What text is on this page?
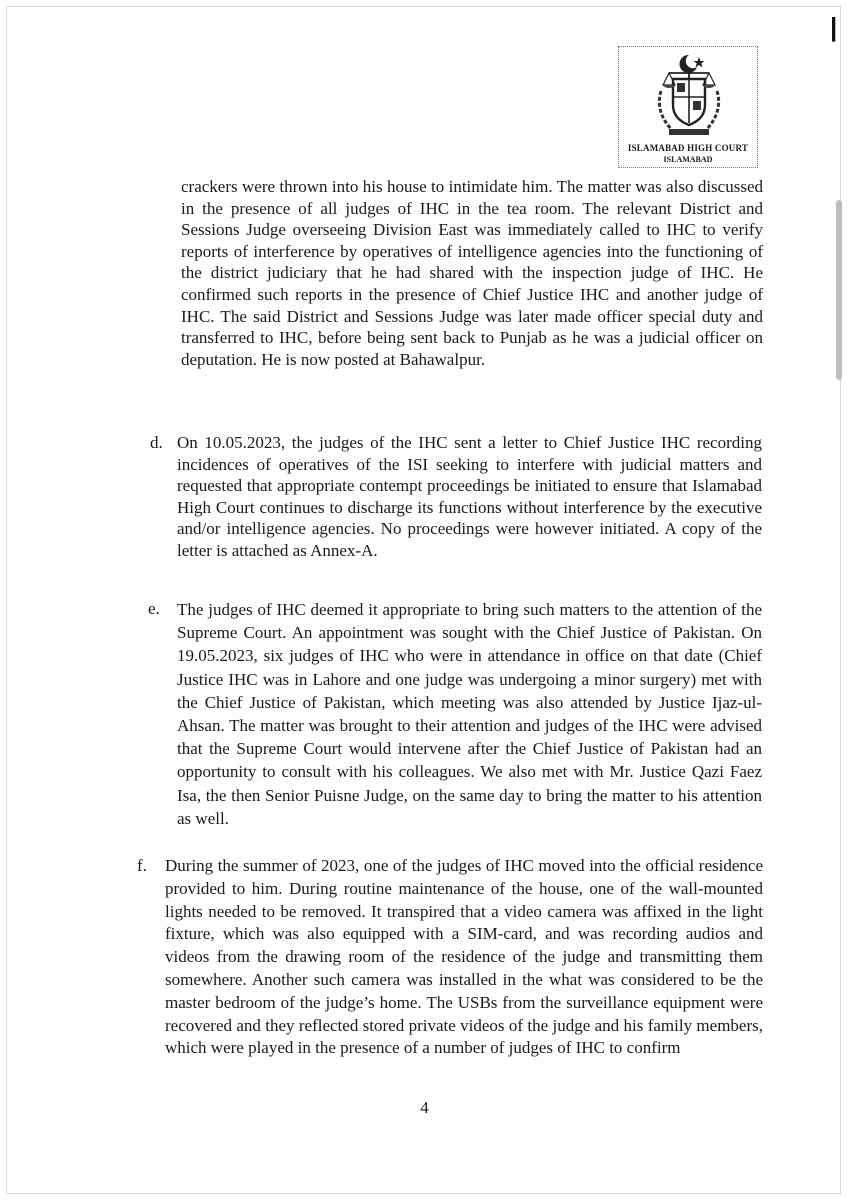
|
ISLAMABAD HIGH COURT
ISLAMABAD

crackers were thrown into his house to intimidate him. The matter was also discussed in the presence of all judges of IHC in the tea room. The relevant District and Sessions Judge overseeing Division East was immediately called to IHC to verify reports of interference by operatives of intelligence agencies into the functioning of the district judiciary that he had shared with the inspection judge of IHC. He confirmed such reports in the presence of Chief Justice IHC and another judge of IHC. The said District and Sessions Judge was later made officer special duty and transferred to IHC, before being sent back to Punjab as he was a judicial officer on deputation. He is now posted at Bahawalpur.

d. On 10.05.2023, the judges of the IHC sent a letter to Chief Justice IHC recording incidences of operatives of the ISI seeking to interfere with judicial matters and requested that appropriate contempt proceedings be initiated to ensure that Islamabad High Court continues to discharge its functions without interference by the executive and/or intelligence agencies. No proceedings were however initiated. A copy of the letter is attached as Annex-A.

e. The judges of IHC deemed it appropriate to bring such matters to the attention of the Supreme Court. An appointment was sought with the Chief Justice of Pakistan. On 19.05.2023, six judges of IHC who were in attendance in office on that date (Chief Justice IHC was in Lahore and one judge was undergoing a minor surgery) met with the Chief Justice of Pakistan, which meeting was also attended by Justice Ijaz-ul-Ahsan. The matter was brought to their attention and judges of the IHC were advised that the Supreme Court would intervene after the Chief Justice of Pakistan had an opportunity to consult with his colleagues. We also met with Mr. Justice Qazi Faez Isa, the then Senior Puisne Judge, on the same day to bring the matter to his attention as well.

f. During the summer of 2023, one of the judges of IHC moved into the official residence provided to him. During routine maintenance of the house, one of the wall-mounted lights needed to be removed. It transpired that a video camera was affixed in the light fixture, which was also equipped with a SIM-card, and was recording audios and videos from the drawing room of the residence of the judge and transmitting them somewhere. Another such camera was installed in the what was considered to be the master bedroom of the judge’s home. The USBs from the surveillance equipment were recovered and they reflected stored private videos of the judge and his family members, which were played in the presence of a number of judges of IHC to confirm

4
